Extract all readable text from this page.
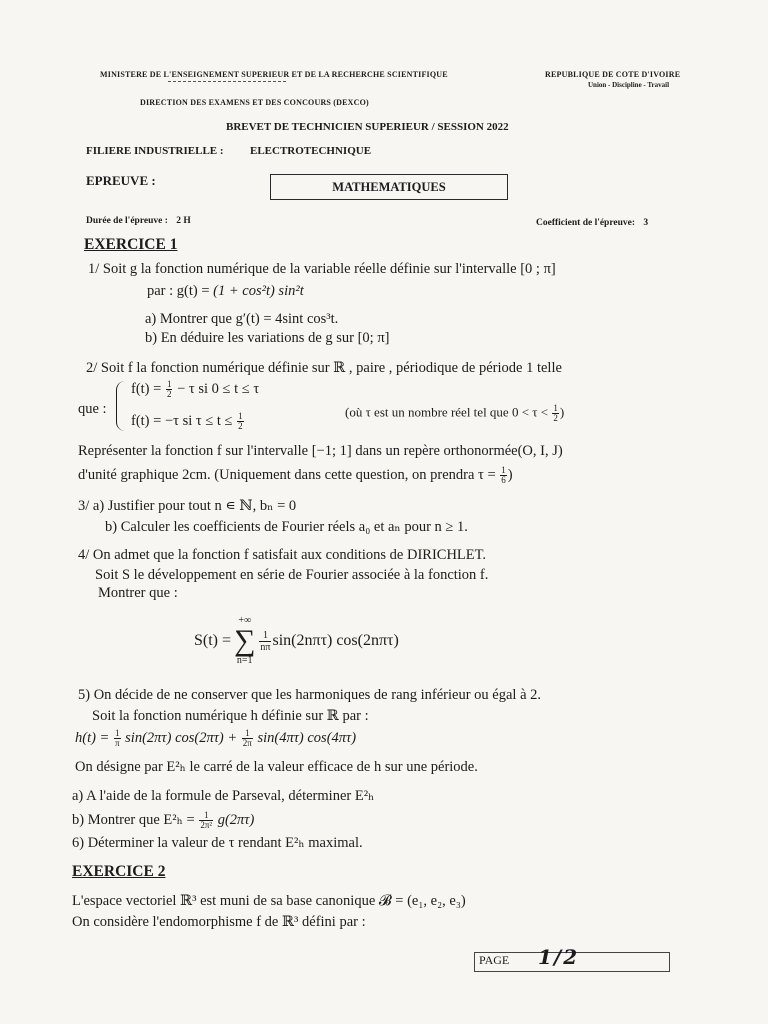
MINISTERE DE L'ENSEIGNEMENT SUPERIEUR ET DE LA RECHERCHE SCIENTIFIQUE
DIRECTION DES EXAMENS ET DES CONCOURS (DEXCO)
REPUBLIQUE DE COTE D'IVOIRE
Union - Discipline - Travail
BREVET DE TECHNICIEN SUPERIEUR / SESSION 2022
FILIERE INDUSTRIELLE : ELECTROTECHNIQUE
EPREUVE :	MATHEMATIQUES
Durée de l'épreuve : 2 H	Coefficient de l'épreuve: 3
EXERCICE 1
1/ Soit g la fonction numérique de la variable réelle définie sur l'intervalle [0 ; π]
par : g(t) = (1 + cos²t) sin²t
a) Montrer que g′(t) = 4sint cos³t.
b) En déduire les variations de g sur [0; π]
2/ Soit f la fonction numérique définie sur ℝ , paire , périodique de période 1 telle
que :
$f(t) = \frac{1}{2} - \tau$ si 0 ≤ t ≤ τ
f(t) = −τ si $\tau \le t \le \frac{1}{2}$
(où τ est un nombre réel tel que $0 < \tau < \frac{1}{2}$ )
Représenter la fonction f sur l'intervalle [−1; 1] dans un repère orthonormée(O, I, J)
d'unité graphique 2cm. (Uniquement dans cette question, on prendra $\tau = \frac{1}{6}$ )
3/ a) Justifier pour tout n ∊ ℕ, bₙ = 0
b) Calculer les coefficients de Fourier réels a₀ et aₙ pour n ≥ 1.
4/ On admet que la fonction f satisfait aux conditions de DIRICHLET.
Soit S le développement en série de Fourier associée à la fonction f.
Montrer que :
S(t) =
+∞
∑
n=1
$\frac{1}{n\pi} \sin(2n\pi\tau)$ cos(2nπτ)
5) On décide de ne conserver que les harmoniques de rang inférieur ou égal à 2.
Soit la fonction numérique h définie sur ℝ par :
$h(t) = \frac{1}{\pi} \sin(2\pi\tau) \cos(2\pi\tau) + \frac{1}{2\pi} \sin(4\pi\tau)$ cos(4πτ)
On désigne par E²ₕ le carré de la valeur efficace de h sur une période.
a) A l'aide de la formule de Parseval, déterminer E²ₕ
b) Montrer que $E^2_h = \frac{1}{\text{2π²}} g(2\pi\tau)$
6) Déterminer la valeur de τ rendant E²ₕ maximal.
EXERCICE 2
L'espace vectoriel ℝ³ est muni de sa base canonique 𝓑 = (e₁, e₂, e₃)
On considère l'endomorphisme f de ℝ³ défini par :
PAGE 1/2
